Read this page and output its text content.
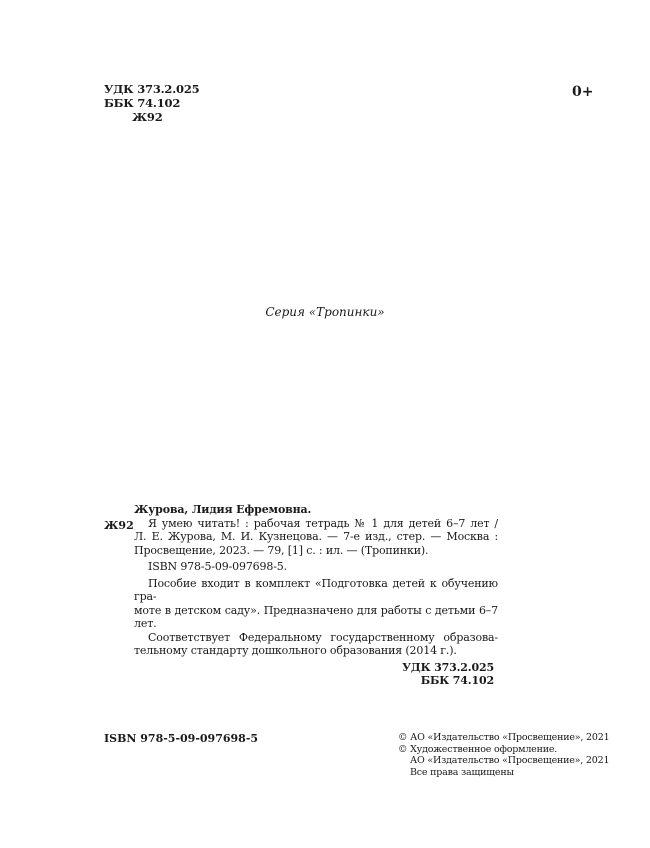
УДК 373.2.025
ББК 74.102
Ж92
0+
Серия «Тропинки»
Ж92
Журова, Лидия Ефремовна.
Я умею читать! : рабочая тетрадь № 1 для детей 6–7 лет /
Л. Е. Журова, М. И. Кузнецова. — 7-е изд., стер. — Москва :
Просвещение, 2023. — 79, [1] с. : ил. — (Тропинки).
ISBN 978-5-09-097698-5.
Пособие входит в комплект «Подготовка детей к обучению гра-
моте в детском саду». Предназначено для работы с детьми 6–7 лет.
Соответствует Федеральному государственному образова-
тельному стандарту дошкольного образования (2014 г.).
УДК 373.2.025
ББК 74.102
ISBN 978-5-09-097698-5	© АО «Издательство «Просвещение», 2021
© Художественное оформление.
АО «Издательство «Просвещение», 2021
Все права защищены
